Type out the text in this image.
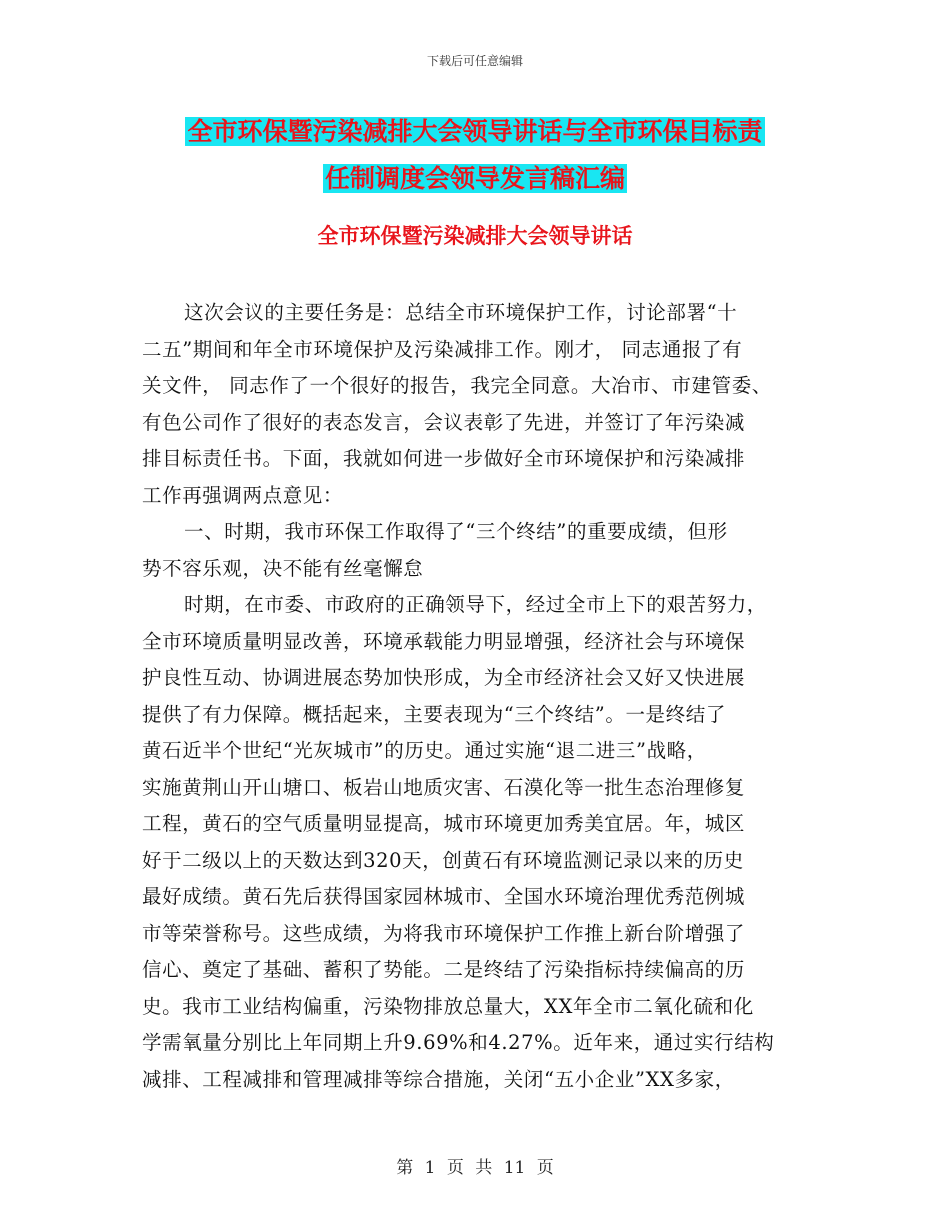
下载后可任意编辑
全市环保暨污染减排大会领导讲话与全市环保目标责
任制调度会领导发言稿汇编
全市环保暨污染减排大会领导讲话
这次会议的主要任务是：总结全市环境保护工作，讨论部署“十
二五”期间和年全市环境保护及污染减排工作。刚才， 同志通报了有
关文件， 同志作了一个很好的报告，我完全同意。大冶市、市建管委、
有色公司作了很好的表态发言，会议表彰了先进，并签订了年污染减
排目标责任书。下面，我就如何进一步做好全市环境保护和污染减排
工作再强调两点意见：
一、时期，我市环保工作取得了“三个终结”的重要成绩，但形
势不容乐观，决不能有丝毫懈怠
时期，在市委、市政府的正确领导下，经过全市上下的艰苦努力，
全市环境质量明显改善，环境承载能力明显增强，经济社会与环境保
护良性互动、协调进展态势加快形成，为全市经济社会又好又快进展
提供了有力保障。概括起来，主要表现为“三个终结”。一是终结了
黄石近半个世纪“光灰城市”的历史。通过实施“退二进三”战略，
实施黄荆山开山塘口、板岩山地质灾害、石漠化等一批生态治理修复
工程，黄石的空气质量明显提高，城市环境更加秀美宜居。年，城区
好于二级以上的天数达到320天，创黄石有环境监测记录以来的历史
最好成绩。黄石先后获得国家园林城市、全国水环境治理优秀范例城
市等荣誉称号。这些成绩，为将我市环境保护工作推上新台阶增强了
信心、奠定了基础、蓄积了势能。二是终结了污染指标持续偏高的历
史。我市工业结构偏重，污染物排放总量大，XX年全市二氧化硫和化
学需氧量分别比上年同期上升9.69%和4.27%。近年来，通过实行结构
减排、工程减排和管理减排等综合措施，关闭“五小企业”XX多家，
第 1 页 共 11 页
